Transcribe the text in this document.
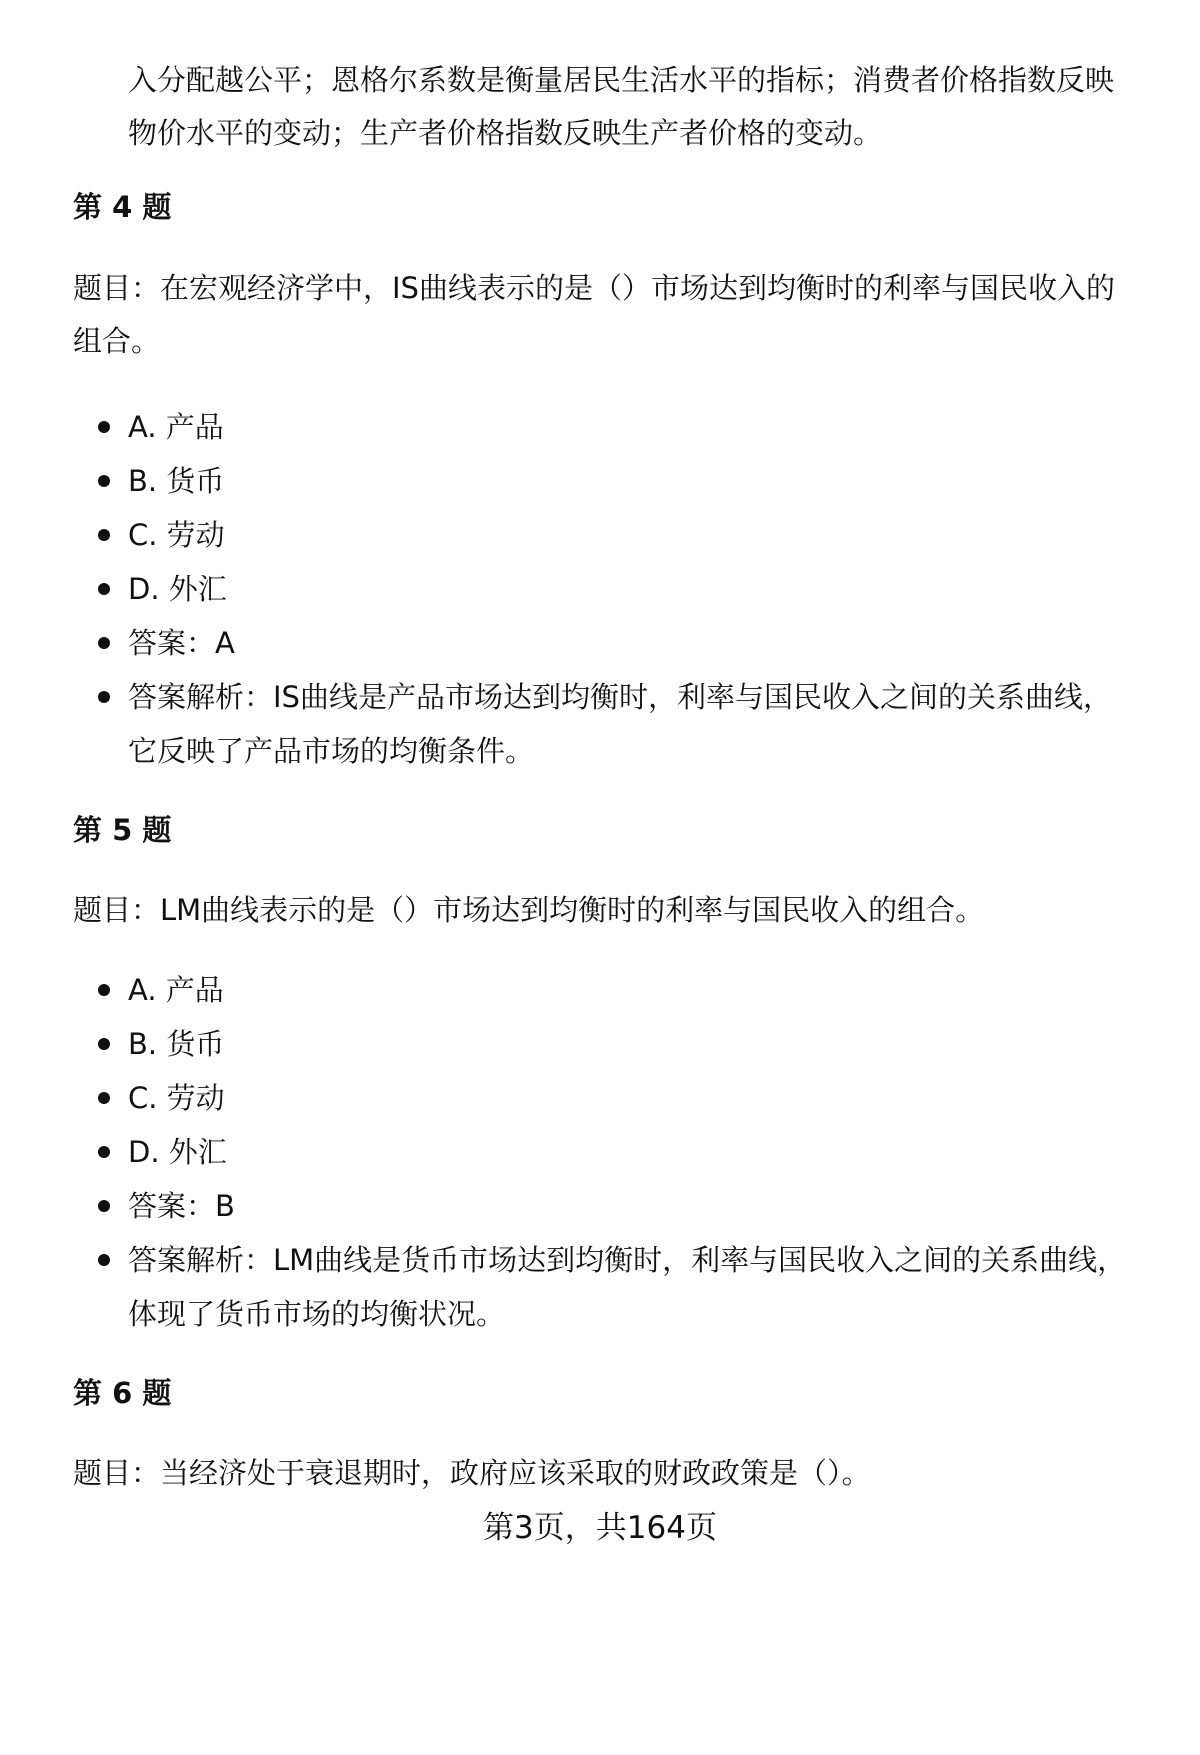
入分配越公平；恩格尔系数是衡量居民生活水平的指标；消费者价格指数反映
物价水平的变动；生产者价格指数反映生产者价格的变动。
第 4 题
题目：在宏观经济学中，IS曲线表示的是（）市场达到均衡时的利率与国民收入的
组合。
A. 产品
B. 货币
C. 劳动
D. 外汇
答案：A
答案解析：IS曲线是产品市场达到均衡时，利率与国民收入之间的关系曲线，
它反映了产品市场的均衡条件。
第 5 题
题目：LM曲线表示的是（）市场达到均衡时的利率与国民收入的组合。
A. 产品
B. 货币
C. 劳动
D. 外汇
答案：B
答案解析：LM曲线是货币市场达到均衡时，利率与国民收入之间的关系曲线，
体现了货币市场的均衡状况。
第 6 题
题目：当经济处于衰退期时，政府应该采取的财政政策是（）。
第3页，共164页
